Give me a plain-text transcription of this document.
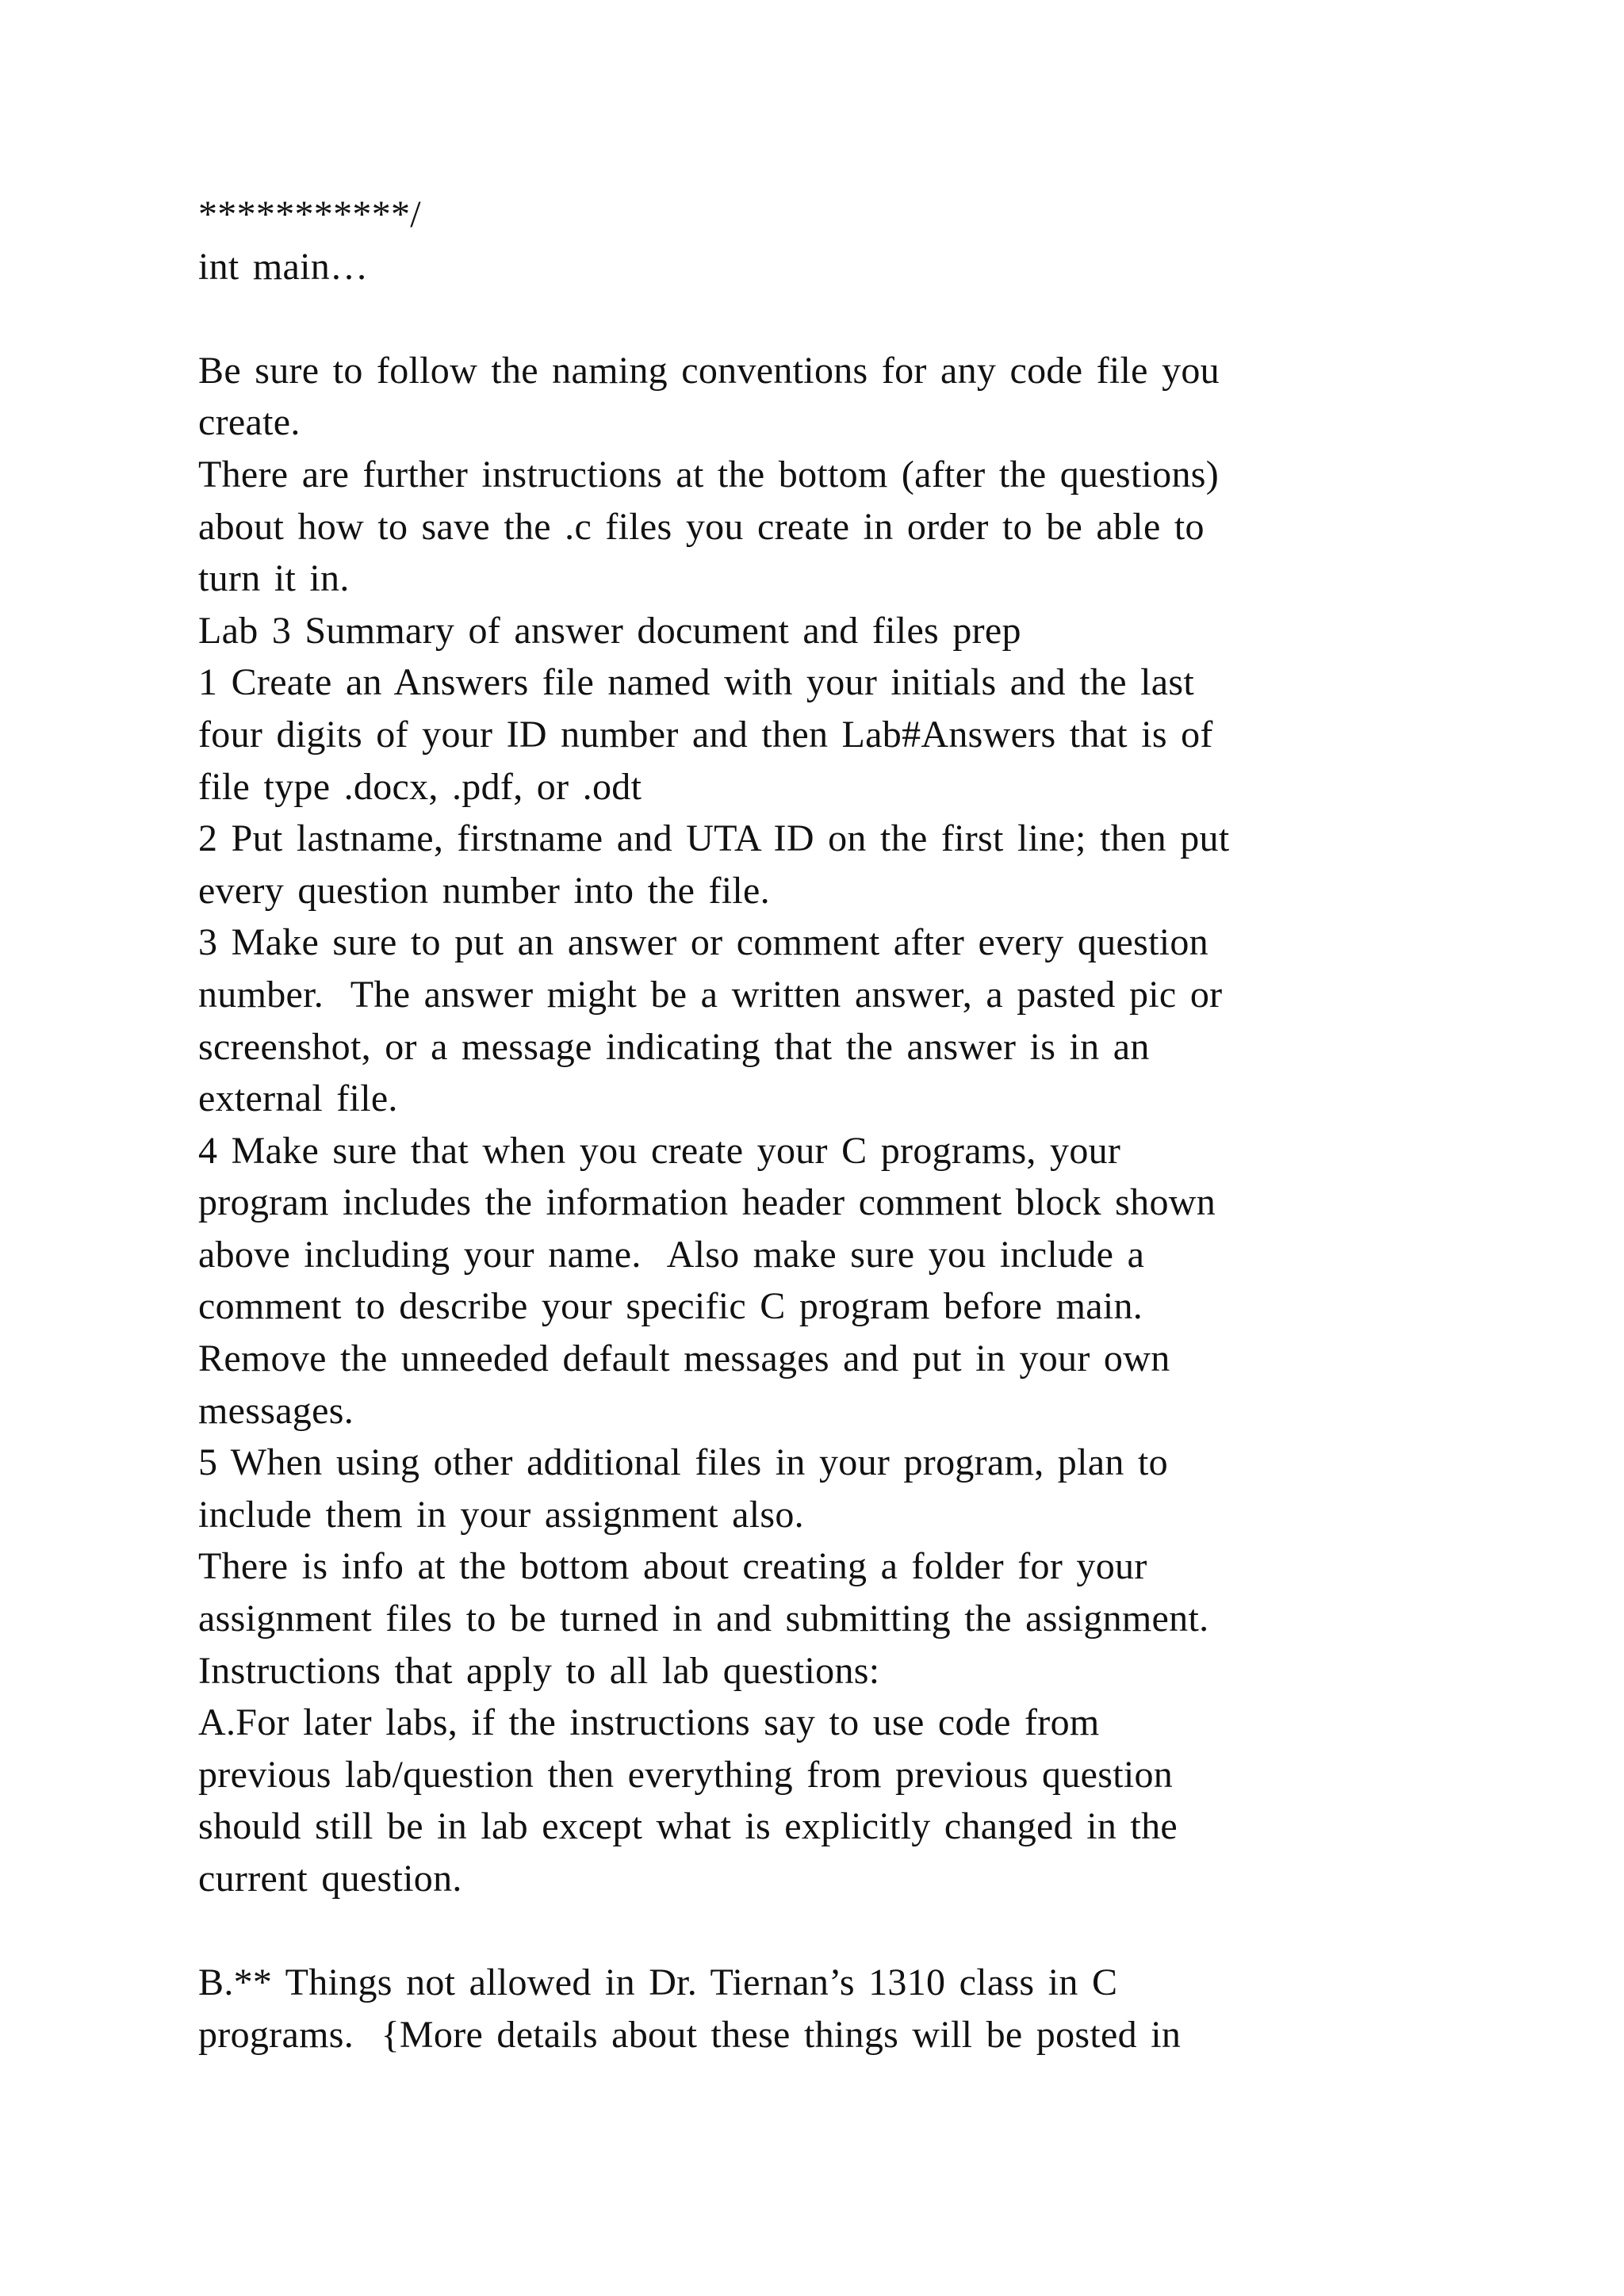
***********/
int main…
Be sure to follow the naming conventions for any code file you
create.
There are further instructions at the bottom (after the questions)
about how to save the .c files you create in order to be able to
turn it in.
Lab 3 Summary of answer document and files prep
1 Create an Answers file named with your initials and the last
four digits of your ID number and then Lab#Answers that is of
file type .docx, .pdf, or .odt
2 Put lastname, firstname and UTA ID on the first line; then put
every question number into the file.
3 Make sure to put an answer or comment after every question
number.  The answer might be a written answer, a pasted pic or
screenshot, or a message indicating that the answer is in an
external file.
4 Make sure that when you create your C programs, your
program includes the information header comment block shown
above including your name.  Also make sure you include a
comment to describe your specific C program before main.
Remove the unneeded default messages and put in your own
messages.
5 When using other additional files in your program, plan to
include them in your assignment also.
There is info at the bottom about creating a folder for your
assignment files to be turned in and submitting the assignment.
Instructions that apply to all lab questions:
A.For later labs, if the instructions say to use code from
previous lab/question then everything from previous question
should still be in lab except what is explicitly changed in the
current question.
B.** Things not allowed in Dr. Tiernan’s 1310 class in C
programs.  {More details about these things will be posted in
